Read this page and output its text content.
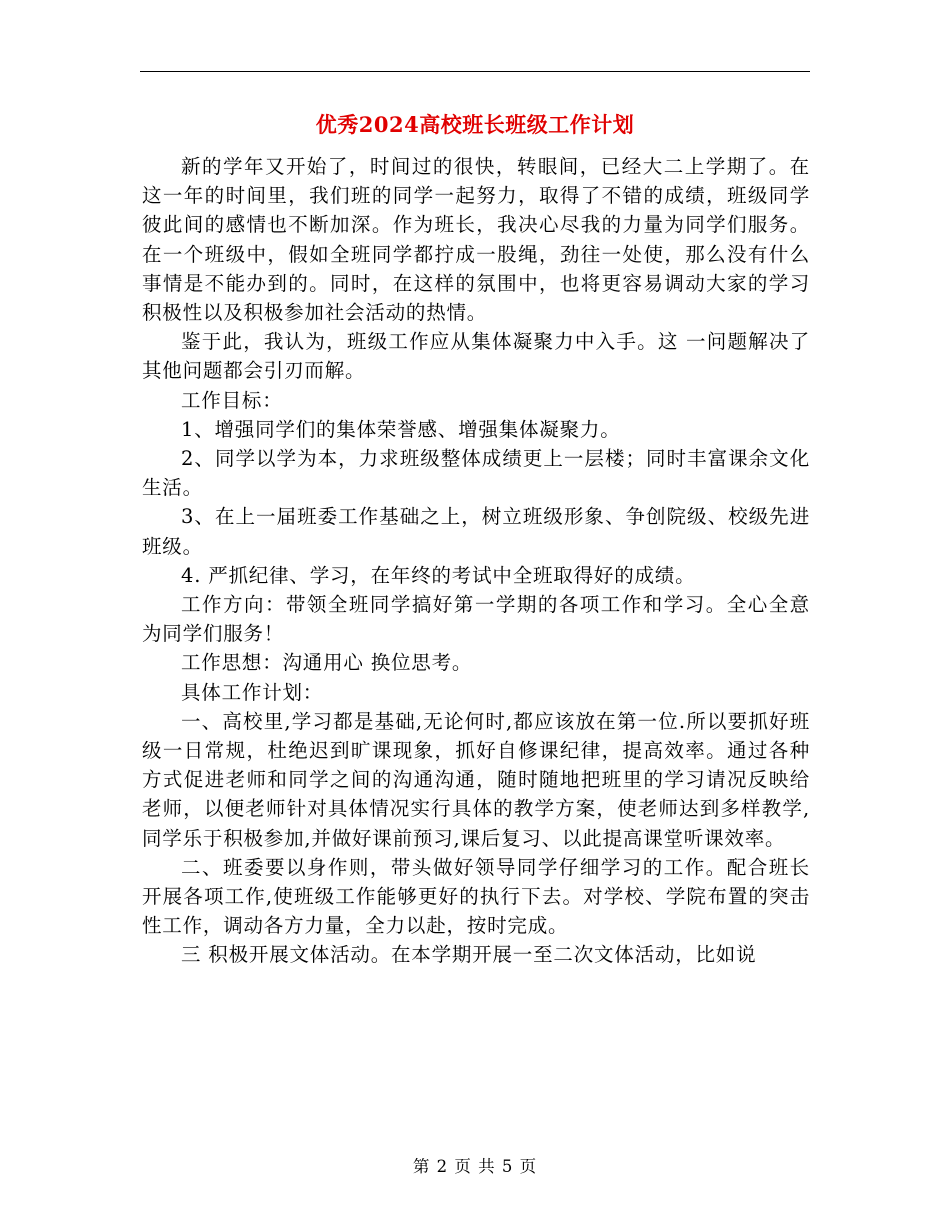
优秀2024高校班长班级工作计划

新的学年又开始了，时间过的很快，转眼间，已经大二上学期了。在这一年的时间里，我们班的同学一起努力，取得了不错的成绩，班级同学彼此间的感情也不断加深。作为班长，我决心尽我的力量为同学们服务。在一个班级中，假如全班同学都拧成一股绳，劲往一处使，那么没有什么事情是不能办到的。同时，在这样的氛围中，也将更容易调动大家的学习积极性以及积极参加社会活动的热情。

鉴于此，我认为，班级工作应从集体凝聚力中入手。这 一问题解决了其他问题都会引刃而解。

工作目标：

1、增强同学们的集体荣誉感、增强集体凝聚力。

2、同学以学为本，力求班级整体成绩更上一层楼；同时丰富课余文化生活。

3、在上一届班委工作基础之上，树立班级形象、争创院级、校级先进班级。

4. 严抓纪律、学习，在年终的考试中全班取得好的成绩。

工作方向：带领全班同学搞好第一学期的各项工作和学习。全心全意为同学们服务！

工作思想：沟通用心 换位思考。

具体工作计划：

一、高校里,学习都是基础,无论何时,都应该放在第一位.所以要抓好班级一日常规，杜绝迟到旷课现象，抓好自修课纪律，提高效率。通过各种方式促进老师和同学之间的沟通沟通，随时随地把班里的学习请况反映给老师，以便老师针对具体情况实行具体的教学方案，使老师达到多样教学,同学乐于积极参加,并做好课前预习,课后复习、以此提高课堂听课效率。

二、班委要以身作则，带头做好领导同学仔细学习的工作。配合班长开展各项工作,使班级工作能够更好的执行下去。对学校、学院布置的突击性工作，调动各方力量，全力以赴，按时完成。

三 积极开展文体活动。在本学期开展一至二次文体活动，比如说

第 2 页 共 5 页
